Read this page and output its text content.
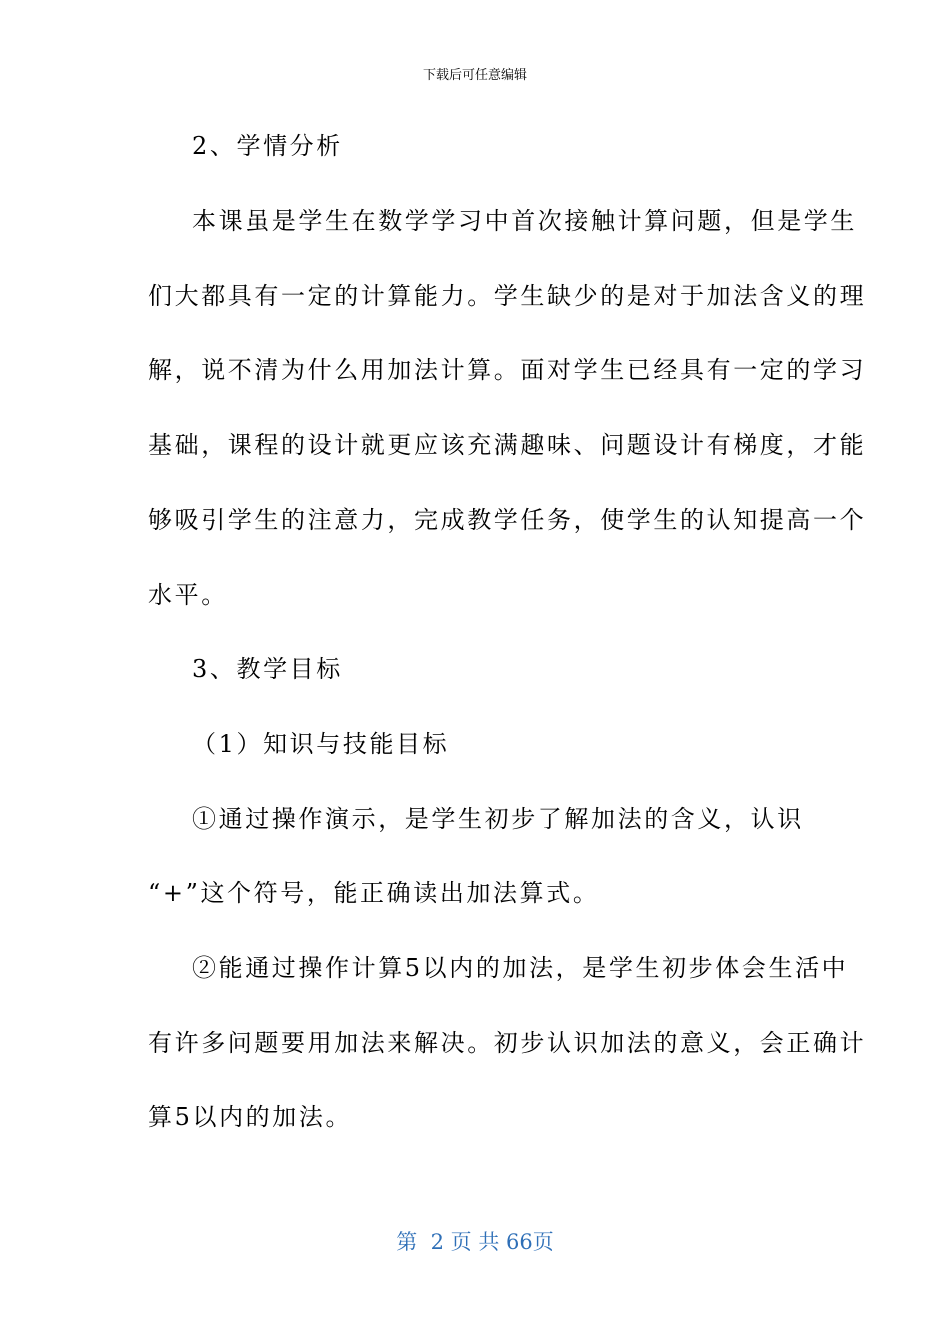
下载后可任意编辑
2、学情分析
本课虽是学生在数学学习中首次接触计算问题，但是学生
们大都具有一定的计算能力。学生缺少的是对于加法含义的理
解，说不清为什么用加法计算。面对学生已经具有一定的学习
基础，课程的设计就更应该充满趣味、问题设计有梯度，才能
够吸引学生的注意力，完成教学任务，使学生的认知提高一个
水平。
3、教学目标
（1）知识与技能目标
①通过操作演示，是学生初步了解加法的含义，认识
“+”这个符号，能正确读出加法算式。
②能通过操作计算5以内的加法，是学生初步体会生活中
有许多问题要用加法来解决。初步认识加法的意义，会正确计
算5以内的加法。
第  2 页 共 66页
